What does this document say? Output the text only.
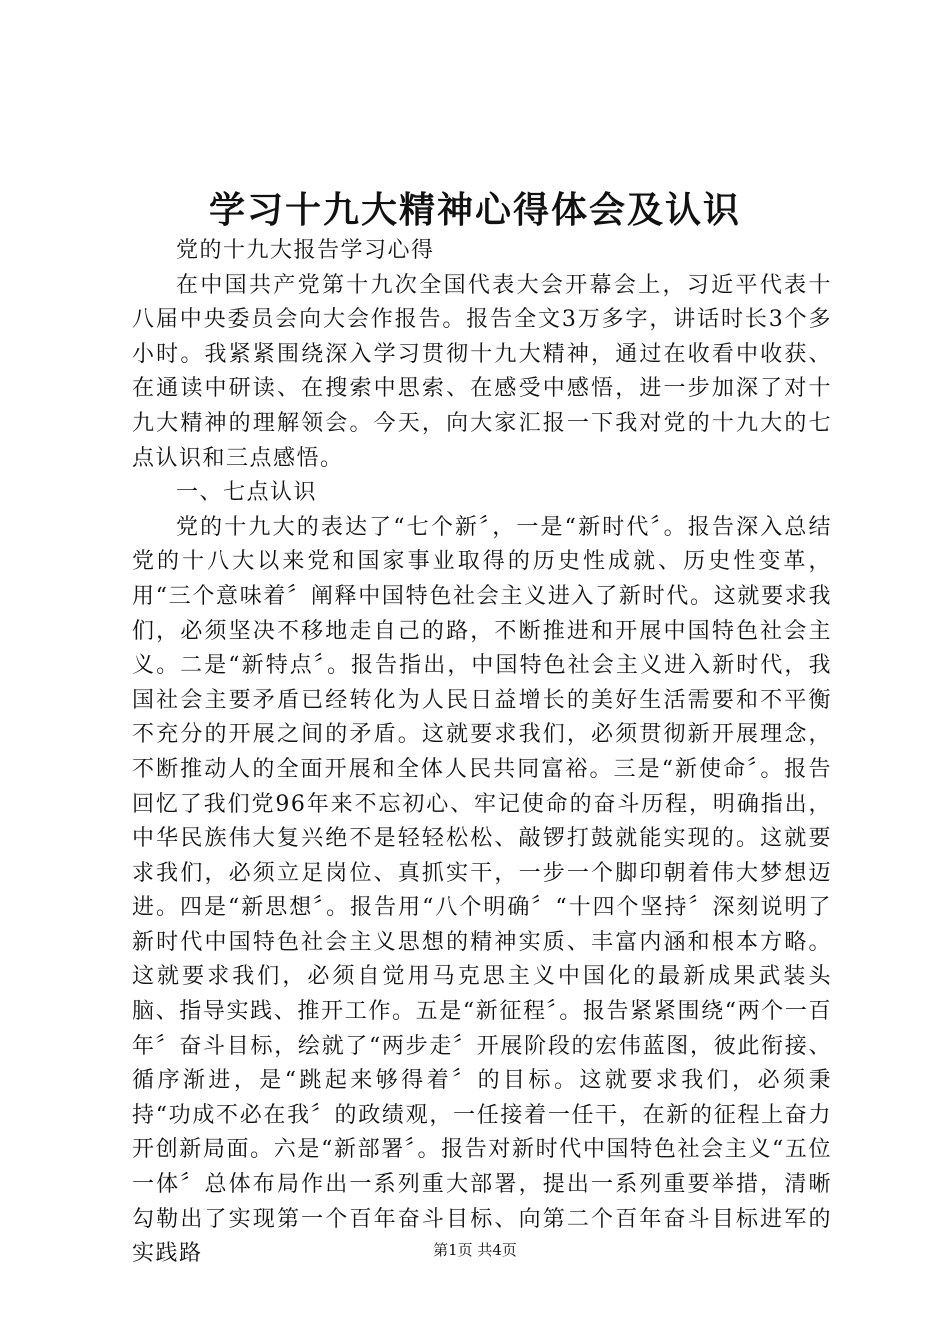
学习十九大精神心得体会及认识

党的十九大报告学习心得

在中国共产党第十九次全国代表大会开幕会上，习近平代表十八届中央委员会向大会作报告。报告全文3万多字，讲话时长3个多小时。我紧紧围绕深入学习贯彻十九大精神，通过在收看中收获、在通读中研读、在搜索中思索、在感受中感悟，进一步加深了对十九大精神的理解领会。今天，向大家汇报一下我对党的十九大的七点认识和三点感悟。

一、七点认识

党的十九大的表达了“七个新〞，一是“新时代〞。报告深入总结党的十八大以来党和国家事业取得的历史性成就、历史性变革，用“三个意味着〞阐释中国特色社会主义进入了新时代。这就要求我们，必须坚决不移地走自己的路，不断推进和开展中国特色社会主义。二是“新特点〞。报告指出，中国特色社会主义进入新时代，我国社会主要矛盾已经转化为人民日益增长的美好生活需要和不平衡不充分的开展之间的矛盾。这就要求我们，必须贯彻新开展理念，不断推动人的全面开展和全体人民共同富裕。三是“新使命〞。报告回忆了我们党96年来不忘初心、牢记使命的奋斗历程，明确指出，中华民族伟大复兴绝不是轻轻松松、敲锣打鼓就能实现的。这就要求我们，必须立足岗位、真抓实干，一步一个脚印朝着伟大梦想迈进。四是“新思想〞。报告用“八个明确〞“十四个坚持〞深刻说明了新时代中国特色社会主义思想的精神实质、丰富内涵和根本方略。这就要求我们，必须自觉用马克思主义中国化的最新成果武装头脑、指导实践、推开工作。五是“新征程〞。报告紧紧围绕“两个一百年〞奋斗目标，绘就了“两步走〞开展阶段的宏伟蓝图，彼此衔接、循序渐进，是“跳起来够得着〞的目标。这就要求我们，必须秉持“功成不必在我〞的政绩观，一任接着一任干，在新的征程上奋力开创新局面。六是“新部署〞。报告对新时代中国特色社会主义“五位一体〞总体布局作出一系列重大部署，提出一系列重要举措，清晰勾勒出了实现第一个百年奋斗目标、向第二个百年奋斗目标进军的实践路	第1页 共4页
